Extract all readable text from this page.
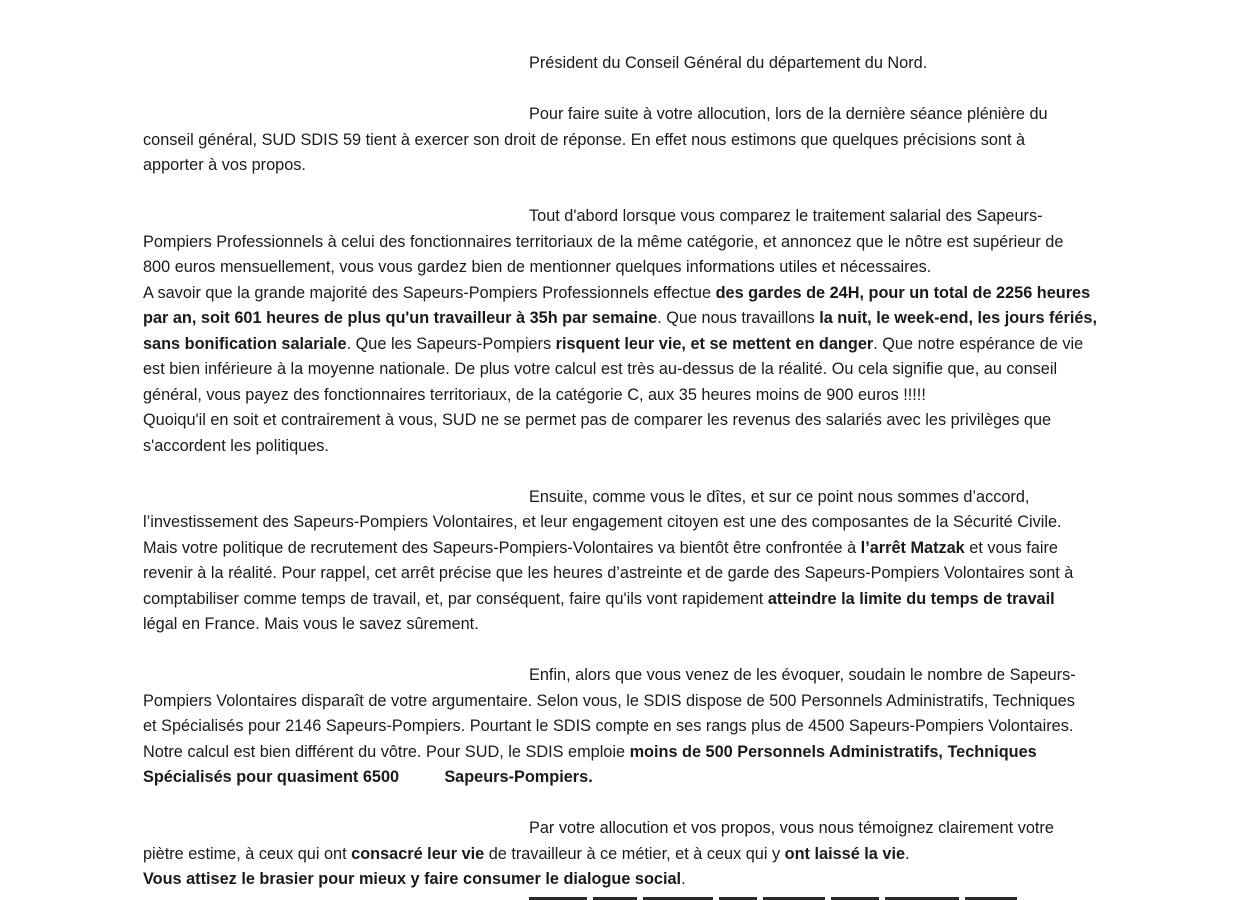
Président du Conseil Général du département du Nord.
Pour faire suite à votre allocution, lors de la dernière séance plénière du
conseil général, SUD SDIS 59 tient à exercer son droit de réponse. En effet nous estimons que quelques précisions sont à
apporter à vos propos.
Tout d'abord lorsque vous comparez le traitement salarial des Sapeurs-
Pompiers Professionnels à celui des fonctionnaires territoriaux de la même catégorie, et annoncez que le nôtre est supérieur de
800 euros mensuellement, vous vous gardez bien de mentionner quelques informations utiles et nécessaires.
A savoir que la grande majorité des Sapeurs-Pompiers Professionnels effectue des gardes de 24H, pour un total de 2256 heures
par an, soit 601 heures de plus qu'un travailleur à 35h par semaine. Que nous travaillons la nuit, le week-end, les jours fériés,
sans bonification salariale. Que les Sapeurs-Pompiers risquent leur vie, et se mettent en danger. Que notre espérance de vie
est bien inférieure à la moyenne nationale. De plus votre calcul est très au-dessus de la réalité. Ou cela signifie que, au conseil
général, vous payez des fonctionnaires territoriaux, de la catégorie C, aux 35 heures moins de 900 euros !!!!!
Quoiqu'il en soit et contrairement à vous, SUD ne se permet pas de comparer les revenus des salariés avec les privilèges que
s'accordent les politiques.
Ensuite, comme vous le dîtes, et sur ce point nous sommes d’accord,
l’investissement des Sapeurs-Pompiers Volontaires, et leur engagement citoyen est une des composantes de la Sécurité Civile.
Mais votre politique de recrutement des Sapeurs-Pompiers-Volontaires va bientôt être confrontée à l’arrêt Matzak et vous faire
revenir à la réalité. Pour rappel, cet arrêt précise que les heures d’astreinte et de garde des Sapeurs-Pompiers Volontaires sont à
comptabiliser comme temps de travail, et, par conséquent, faire qu'ils vont rapidement atteindre la limite du temps de travail
légal en France. Mais vous le savez sûrement.
Enfin, alors que vous venez de les évoquer, soudain le nombre de Sapeurs-
Pompiers Volontaires disparaît de votre argumentaire. Selon vous, le SDIS dispose de 500 Personnels Administratifs, Techniques
et Spécialisés pour 2146 Sapeurs-Pompiers. Pourtant le SDIS compte en ses rangs plus de 4500 Sapeurs-Pompiers Volontaires.
Notre calcul est bien différent du vôtre. Pour SUD, le SDIS emploie moins de 500 Personnels Administratifs, Techniques
Spécialisés pour quasiment 6500          Sapeurs-Pompiers.
Par votre allocution et vos propos, vous nous témoignez clairement votre
piètre estime, à ceux qui ont consacré leur vie de travailleur à ce métier, et à ceux qui y ont laissé la vie.
Vous attisez le brasier pour mieux y faire consumer le dialogue social.
